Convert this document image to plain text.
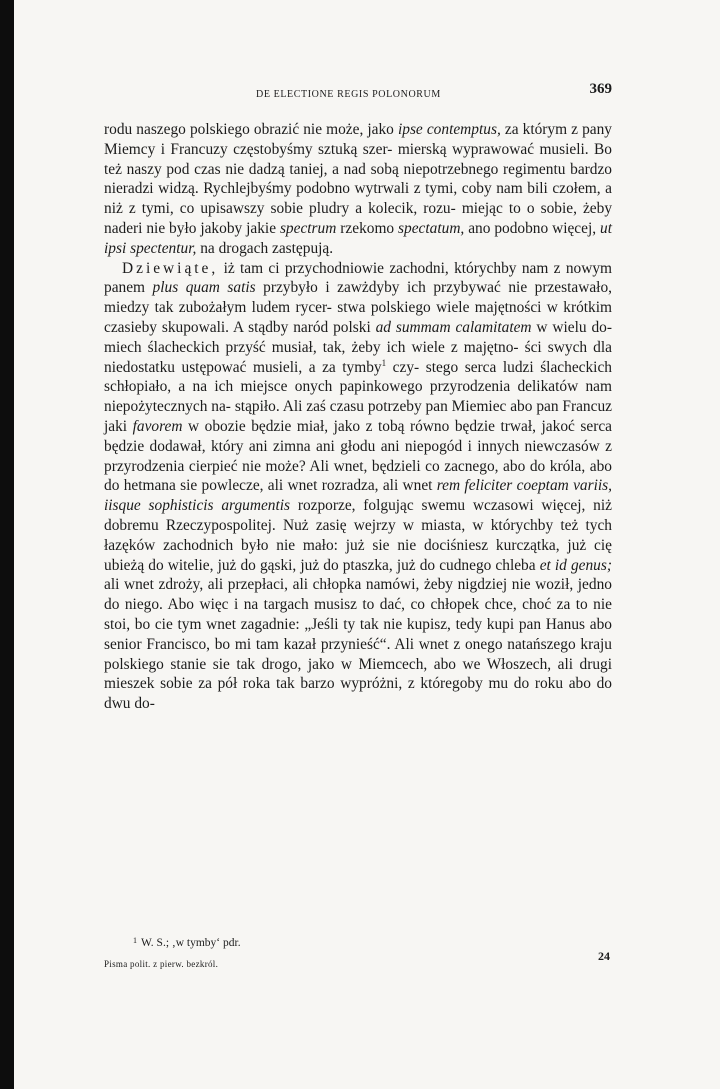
DE ELECTIONE REGIS POLONORUM	369

rodu naszego polskiego obrazić nie może, jako ipse contemptus, za którym z pany Miemcy i Francuzy częstobyśmy sztuką szer- mierską wyprawować musieli. Bo też naszy pod czas nie dadzą taniej, a nad sobą niepotrzebnego regimentu bardzo nieradzi widzą. Rychlejbyśmy podobno wytrwali z tymi, coby nam bili czołem, a niż z tymi, co upisawszy sobie pludry a kolecik, rozu- miejąc to o sobie, żeby naderi nie było jakoby jakie spectrum rzekomo spectatum, ano podobno więcej, ut ipsi spectentur, na drogach zastępują.

Dziewiąte, iż tam ci przychodniowie zachodni, którychby nam z nowym panem plus quam satis przybyło i zawżdyby ich przybywać nie przestawało, miedzy tak zubożałym ludem rycer- stwa polskiego wiele majętności w krótkim czasieby skupowali. A stądby naród polski ad summam calamitatem w wielu do- miech ślacheckich przyść musiał, tak, żeby ich wiele z majętno- ści swych dla niedostatku ustępować musieli, a za tymby$^1$ czy- stego serca ludzi ślacheckich schłopiało, a na ich miejsce onych papinkowego przyrodzenia delikatów nam niepożytecznych na- stąpiło. Ali zaś czasu potrzeby pan Miemiec abo pan Francuz jaki favorem w obozie będzie miał, jako z tobą równo będzie trwał, jakoć serca będzie dodawał, który ani zimna ani głodu ani niepogód i innych niewczasów z przyrodzenia cierpieć nie może? Ali wnet, będzieli co zacnego, abo do króla, abo do hetmana sie powlecze, ali wnet rozradza, ali wnet rem feliciter coeptam variis, iisque sophisticis argumentis rozporze, folgując swemu wczasowi więcej, niż dobremu Rzeczypospolitej. Nuż zasię wejrzy w miasta, w którychby też tych łazęków zachodnich było nie mało: już sie nie dociśniesz kurczątka, już cię ubieżą do witelie, już do gąski, już do ptaszka, już do cudnego chleba et id genus; ali wnet zdroży, ali przepłaci, ali chłopka namówi, żeby nigdziej nie woził, jedno do niego. Abo więc i na targach musisz to dać, co chłopek chce, choć za to nie stoi, bo cie tym wnet zagadnie: „Jeśli ty tak nie kupisz, tedy kupi pan Hanus abo senior Francisco, bo mi tam kazał przynieść“. Ali wnet z onego natańszego kraju polskiego stanie sie tak drogo, jako w Miemcech, abo we Włoszech, ali drugi mieszek sobie za pół roka tak barzo wypróżni, z któregoby mu do roku abo do dwu do-

$^1$ W. S.; ‚w tymby‘ pdr.
Pisma polit. z pierw. bezkról.
24
